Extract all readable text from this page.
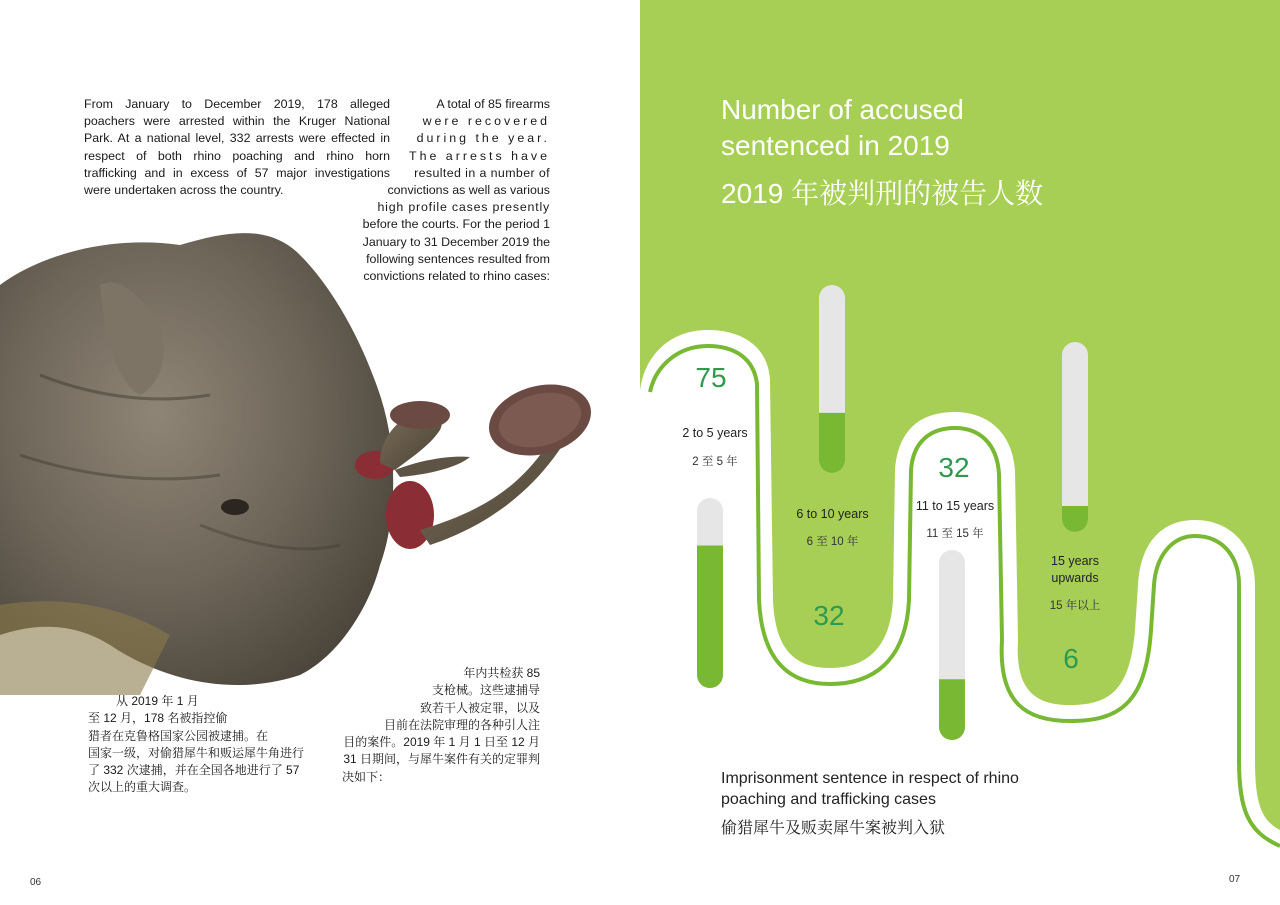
From January to December 2019, 178 alleged poachers were arrested within the Kruger National Park. At a national level, 332 arrests were effected in respect of both rhino poaching and rhino horn trafficking and in excess of 57 major investigations were undertaken across the country.
A total of 85 firearms
were recovered
during the year.
The arrests have
resulted in a number of
convictions as well as various
high profile cases presently
before the courts. For the period 1
January to 31 December 2019 the
following sentences resulted from
convictions related to rhino cases:
从 2019 年 1 月
至 12 月，178 名被指控偷
猎者在克鲁格国家公园被逮捕。在
国家一级，对偷猎犀牛和贩运犀牛角进行
了 332 次逮捕，并在全国各地进行了 57
次以上的重大调查。
年内共检获 85
支枪械。这些逮捕导
致若干人被定罪，以及
目前在法院审理的各种引人注
目的案件。2019 年 1 月 1 日至 12 月
31 日期间，与犀牛案件有关的定罪判
决如下：
06
Number of accused
sentenced in 2019
2019 年被判刑的被告人数
2 to 5 years
2 至 5 年
6 to 10 years
6 至 10 年
11 to 15 years
11 至 15 年
15 years upwards
15 年以上
75
32
32
6
Imprisonment sentence in respect of rhino
poaching and trafficking cases
偷猎犀牛及贩卖犀牛案被判入狱
07
